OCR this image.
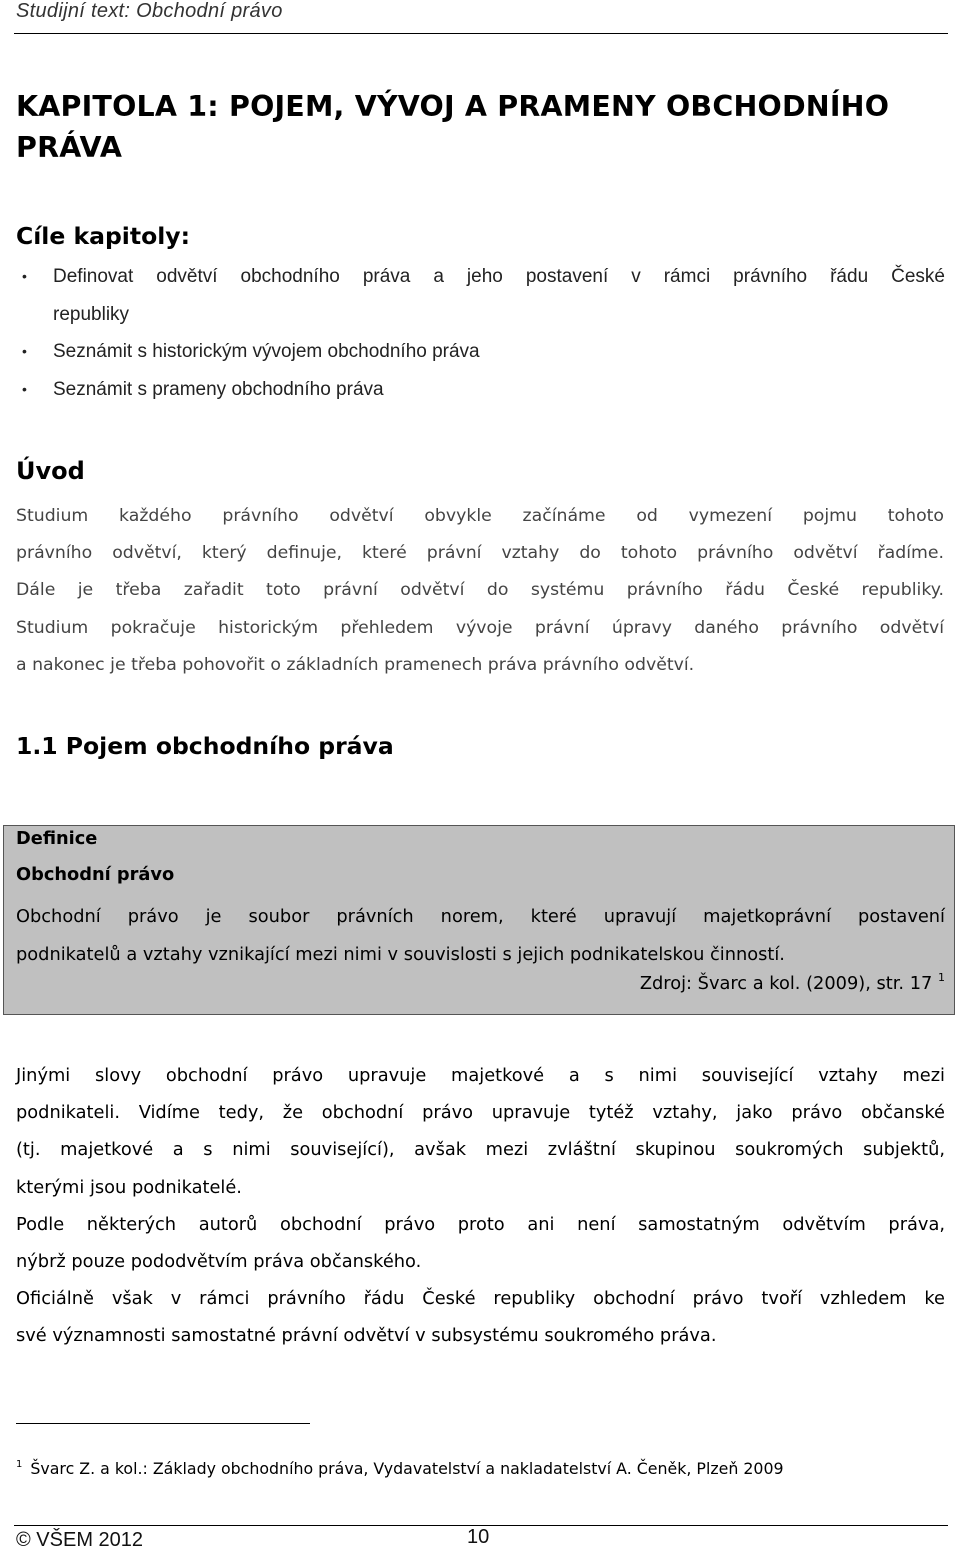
Studijní text: Obchodní právo
KAPITOLA 1: POJEM, VÝVOJ A PRAMENY OBCHODNÍHO
PRÁVA
Cíle kapitoly:
• Definovat odvětví obchodního práva a jeho postavení v rámci právního řádu České
republiky
• Seznámit s historickým vývojem obchodního práva
• Seznámit s prameny obchodního práva
Úvod
Studium každého právního odvětví obvykle začínáme od vymezení pojmu tohoto
právního odvětví, který definuje, které právní vztahy do tohoto právního odvětví řadíme.
Dále je třeba zařadit toto právní odvětví do systému právního řádu České republiky.
Studium pokračuje historickým přehledem vývoje právní úpravy daného právního odvětví
a nakonec je třeba pohovořit o základních pramenech práva právního odvětví.
1.1 Pojem obchodního práva
Definice
Obchodní právo
Obchodní právo je soubor právních norem, které upravují majetkoprávní postavení
podnikatelů a vztahy vznikající mezi nimi v souvislosti s jejich podnikatelskou činností.
Zdroj: Švarc a kol. (2009), str. 17 $^1$
Jinými slovy obchodní právo upravuje majetkové a s nimi související vztahy mezi
podnikateli. Vidíme tedy, že obchodní právo upravuje tytéž vztahy, jako právo občanské
(tj. majetkové a s nimi související), avšak mezi zvláštní skupinou soukromých subjektů,
kterými jsou podnikatelé.
Podle některých autorů obchodní právo proto ani není samostatným odvětvím práva,
nýbrž pouze pododvětvím práva občanského.
Oficiálně však v rámci právního řádu České republiky obchodní právo tvoří vzhledem ke
své významnosti samostatné právní odvětví v subsystému soukromého práva.
$^1$ Švarc Z. a kol.: Základy obchodního práva, Vydavatelství a nakladatelství A. Čeněk, Plzeň 2009
© VŠEM 2012	10
